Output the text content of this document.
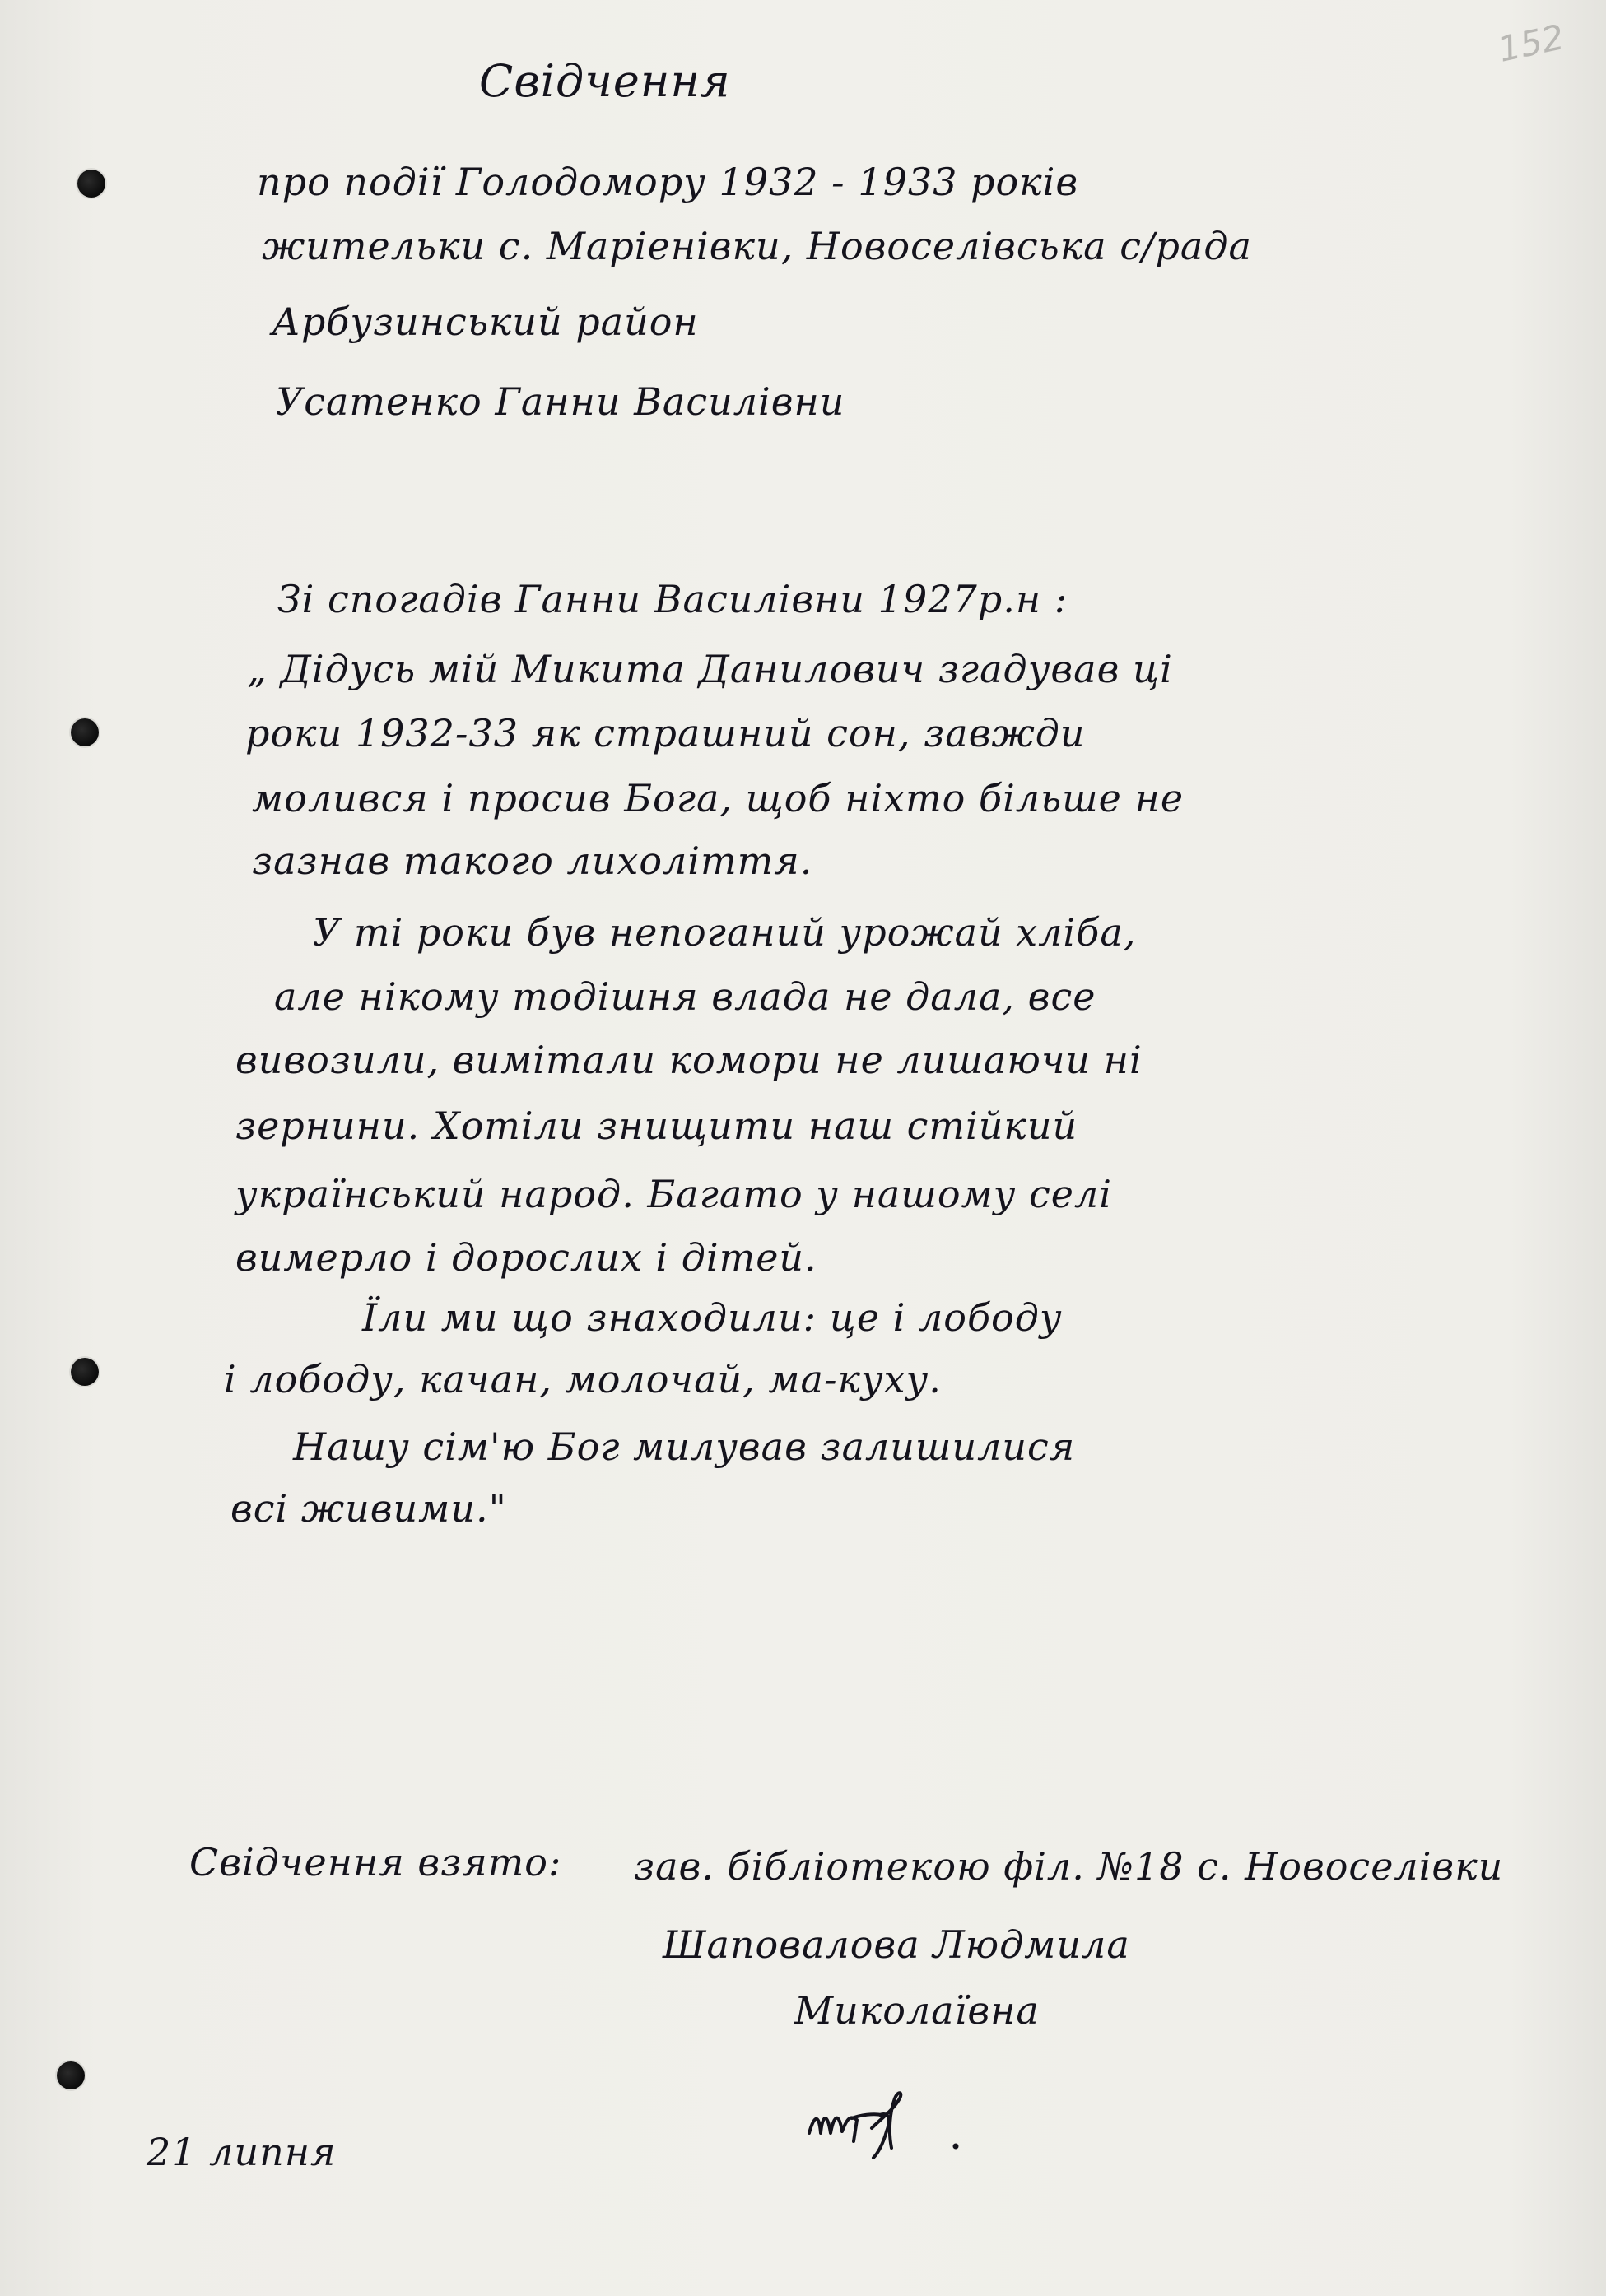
152
Свідчення
про події Голодомору 1932 - 1933 років
жительки с. Маріенівки, Новоселівська с/рада
Арбузинський район
Усатенко Ганни Василівни
Зі спогадів Ганни Василівни 1927р.н :
„ Дідусь мій Микита Данилович згадував ці
роки 1932-33 як страшний сон, завжди
молився і просив Бога, щоб ніхто більше не
зазнав такого лихоліття.
У ті роки був непоганий урожай хліба,
але нікому тодішня влада не дала, все
вивозили, вимітали комори не лишаючи ні
зернини. Хотіли знищити наш стійкий
український народ. Багато у нашому селі
вимерло і дорослих і дітей.
Їли ми що знаходили: це і лободу
і лободу, качан, молочай, ма-куху.
Нашу сім'ю Бог милував залишилися
всі живими."
Свідчення взято: зав. бібліотекою філ. №18 с. Новоселівки
Шаповалова Людмила
Миколаївна
21 липня
